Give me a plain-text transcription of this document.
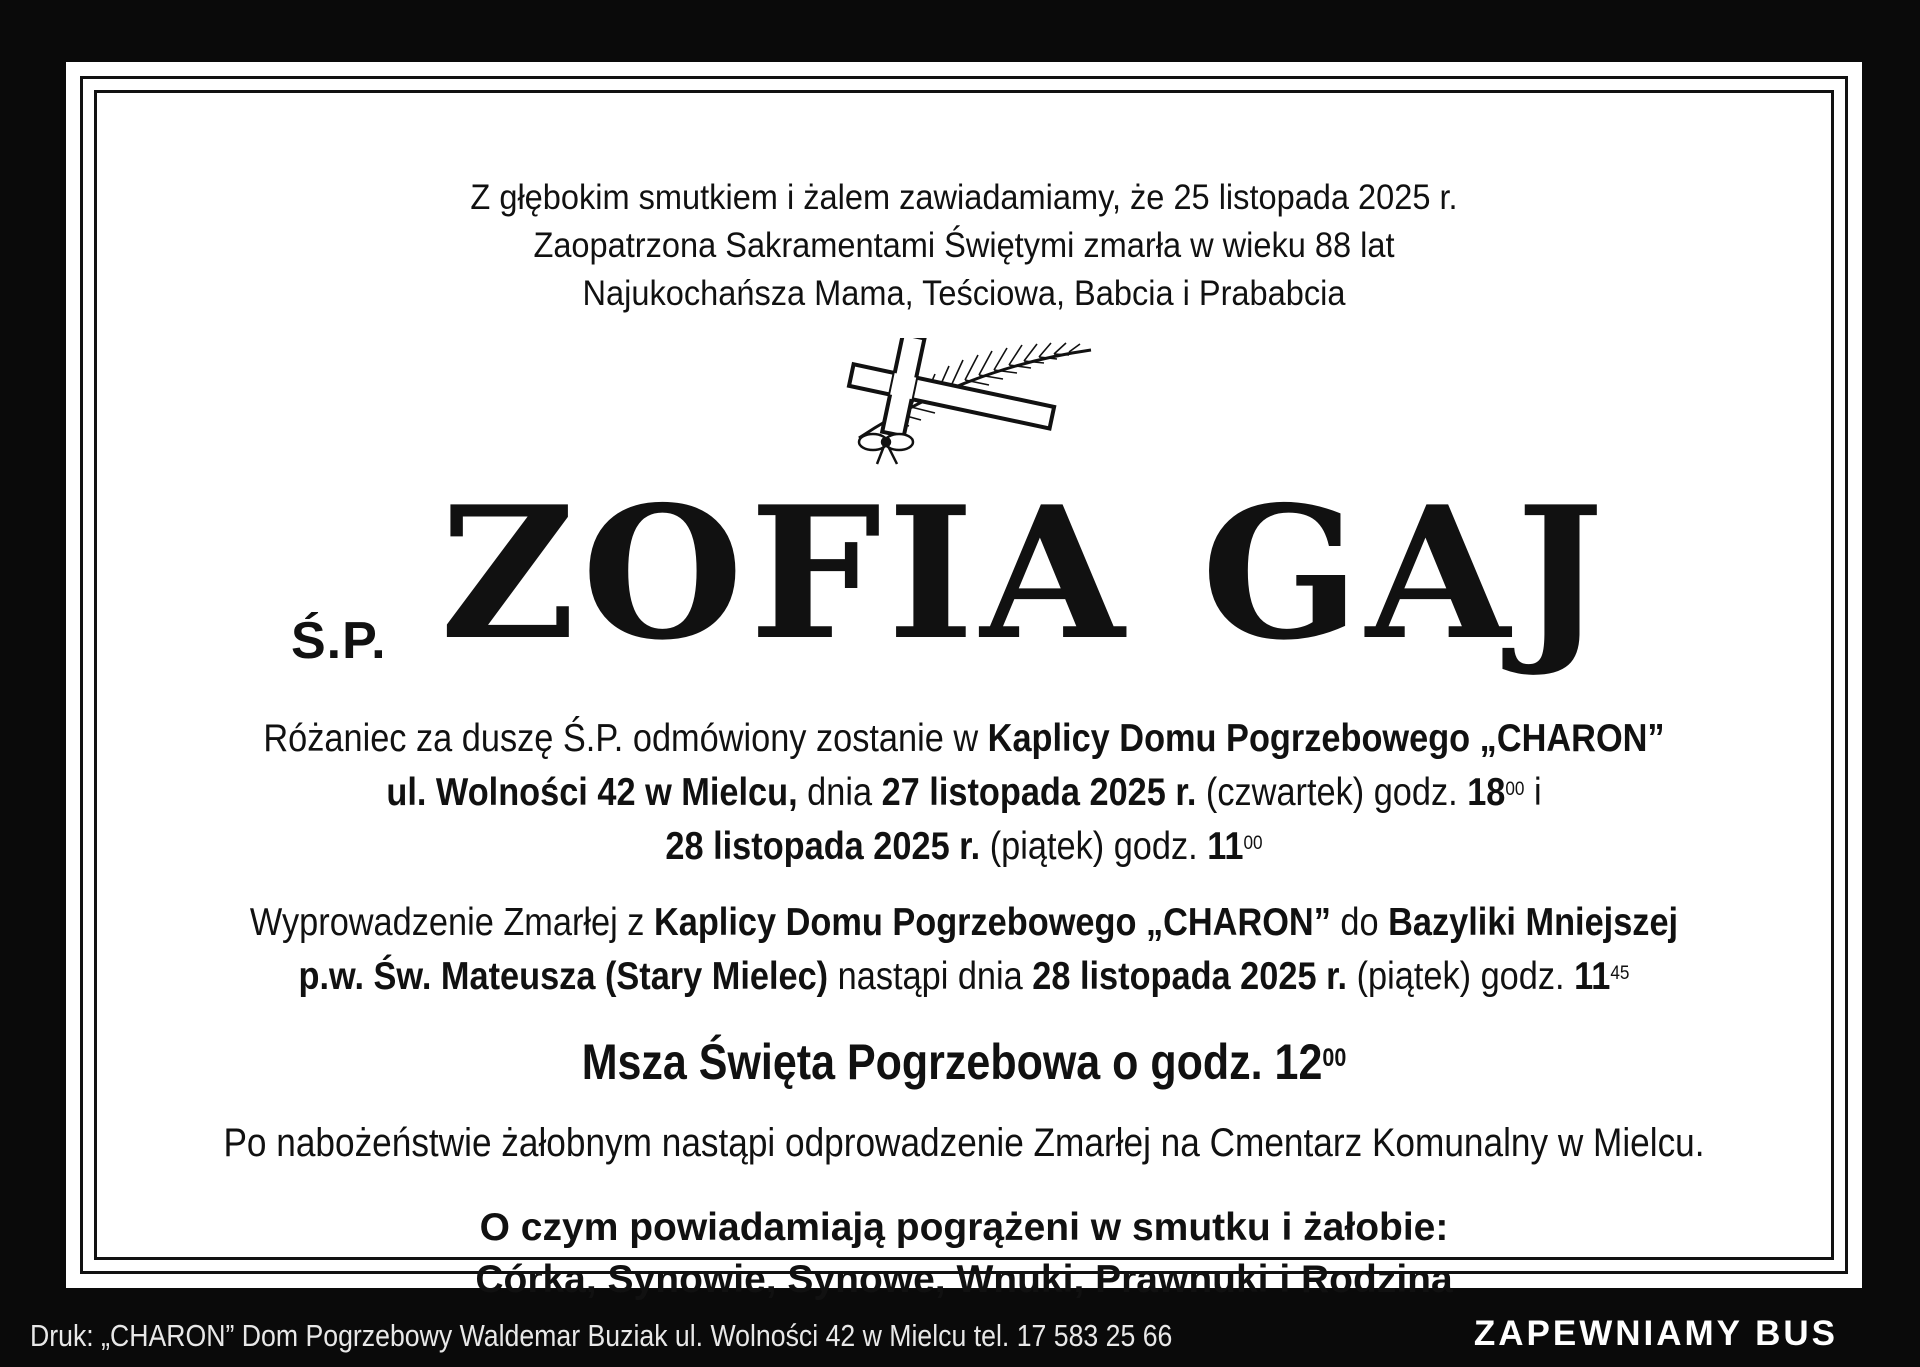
Z głębokim smutkiem i żalem zawiadamiamy, że 25 listopada 2025 r.
Zaopatrzona Sakramentami Świętymi zmarła w wieku 88 lat
Najukochańsza Mama, Teściowa, Babcia i Prababcia
Ś.P. ZOFIA GAJ
Różaniec za duszę Ś.P. odmówiony zostanie w Kaplicy Domu Pogrzebowego „CHARON”
ul. Wolności 42 w Mielcu, dnia 27 listopada 2025 r. (czwartek) godz. $18^{00}$ i
28 listopada 2025 r. (piątek) godz. $11^{00}$
Wyprowadzenie Zmarłej z Kaplicy Domu Pogrzebowego „CHARON” do Bazyliki Mniejszej
p.w. Św. Mateusza (Stary Mielec) nastąpi dnia 28 listopada 2025 r. (piątek) godz. $11^{45}$
Msza Święta Pogrzebowa o godz. $12^{00}$
Po nabożeństwie żałobnym nastąpi odprowadzenie Zmarłej na Cmentarz Komunalny w Mielcu.
O czym powiadamiają pogrążeni w smutku i żałobie:
Córka, Synowie, Synowe, Wnuki, Prawnuki i Rodzina
Druk: „CHARON” Dom Pogrzebowy Waldemar Buziak ul. Wolności 42 w Mielcu tel. 17 583 25 66	ZAPEWNIAMY BUS
